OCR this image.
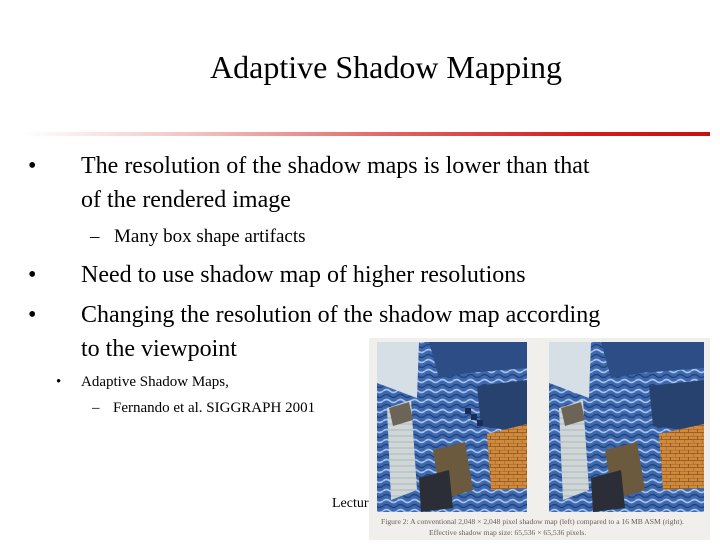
Adaptive Shadow Mapping
• The resolution of the shadow maps is lower than that
of the rendered image
– Many box shape artifacts
• Need to use shadow map of higher resolutions
• Changing the resolution of the shadow map according
to the viewpoint
• Adaptive Shadow Maps,
– Fernando et al. SIGGRAPH 2001
Lectur
Figure 2: A conventional 2,048 × 2,048 pixel shadow map (left) compared to a 16 MB ASM (right).
Effective shadow map size: 65,536 × 65,536 pixels.
